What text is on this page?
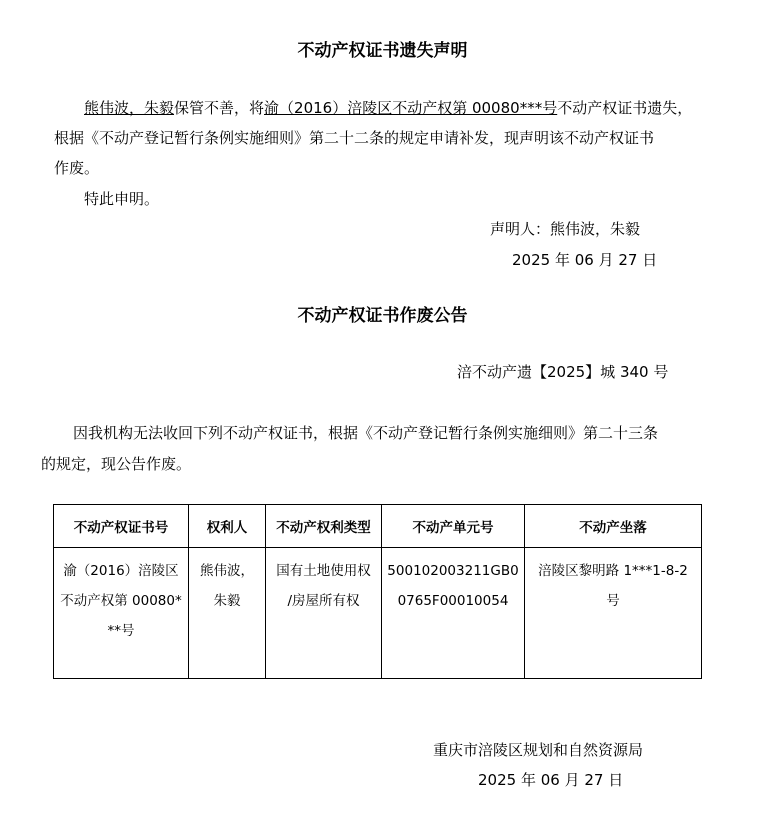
不动产权证书遗失声明
熊伟波，朱毅保管不善，将渝（2016）涪陵区不动产权第 00080***号不动产权证书遗失，
根据《不动产登记暂行条例实施细则》第二十二条的规定申请补发，现声明该不动产权证书
作废。
特此申明。
声明人：熊伟波，朱毅
2025 年 06 月 27 日
不动产权证书作废公告
涪不动产遗【2025】城 340 号
因我机构无法收回下列不动产权证书，根据《不动产登记暂行条例实施细则》第二十三条
的规定，现公告作废。
不动产权证书号	权利人	不动产权利类型	不动产单元号	不动产坐落
渝（2016）涪陵区
不动产权第 00080*
**号	熊伟波，
朱毅	国有土地使用权
/房屋所有权	500102003211GB0
0765F00010054	涪陵区黎明路 1***1-8-2
号
重庆市涪陵区规划和自然资源局
2025 年 06 月 27 日
